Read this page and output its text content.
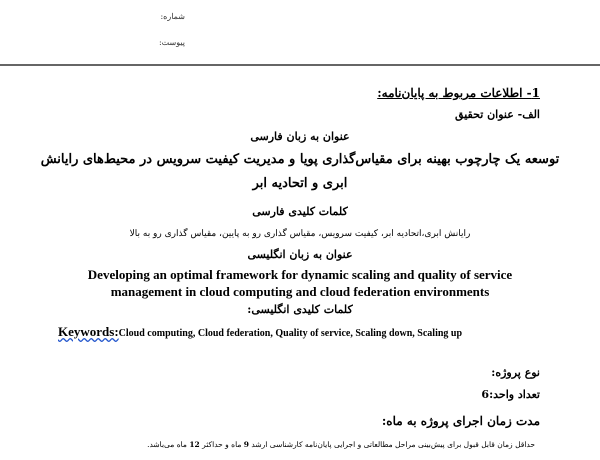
شماره:
پیوست:
1- اطلاعات مربوط به پایان‌نامه:
الف- عنوان تحقیق
عنوان به زبان فارسی
توسعه یک چارچوب بهینه برای مقیاس‌گذاری پویا و مدیریت کیفیت سرویس در محیط‌های رایانش
ابری و اتحادیه ابر
کلمات کلیدی فارسی
رایانش ابری،اتحادیه ابر، کیفیت سرویس، مقیاس گذاری رو به پایین، مقیاس گذاری رو به بالا
عنوان به زبان انگلیسی
Developing an optimal framework for dynamic scaling and quality of service
management in cloud computing and cloud federation environments
کلمات کلیدی انگلیسی:
Keywords:Cloud computing, Cloud federation, Quality of service, Scaling down, Scaling up
نوع پروژه:
تعداد واحد:6
مدت زمان اجرای پروژه به ماه:
حداقل زمان قابل قبول برای پیش‌بینی مراحل مطالعاتی و اجرایی پایان‌نامه کارشناسی ارشد 9 ماه و حداکثر 12 ماه می‌باشد.
